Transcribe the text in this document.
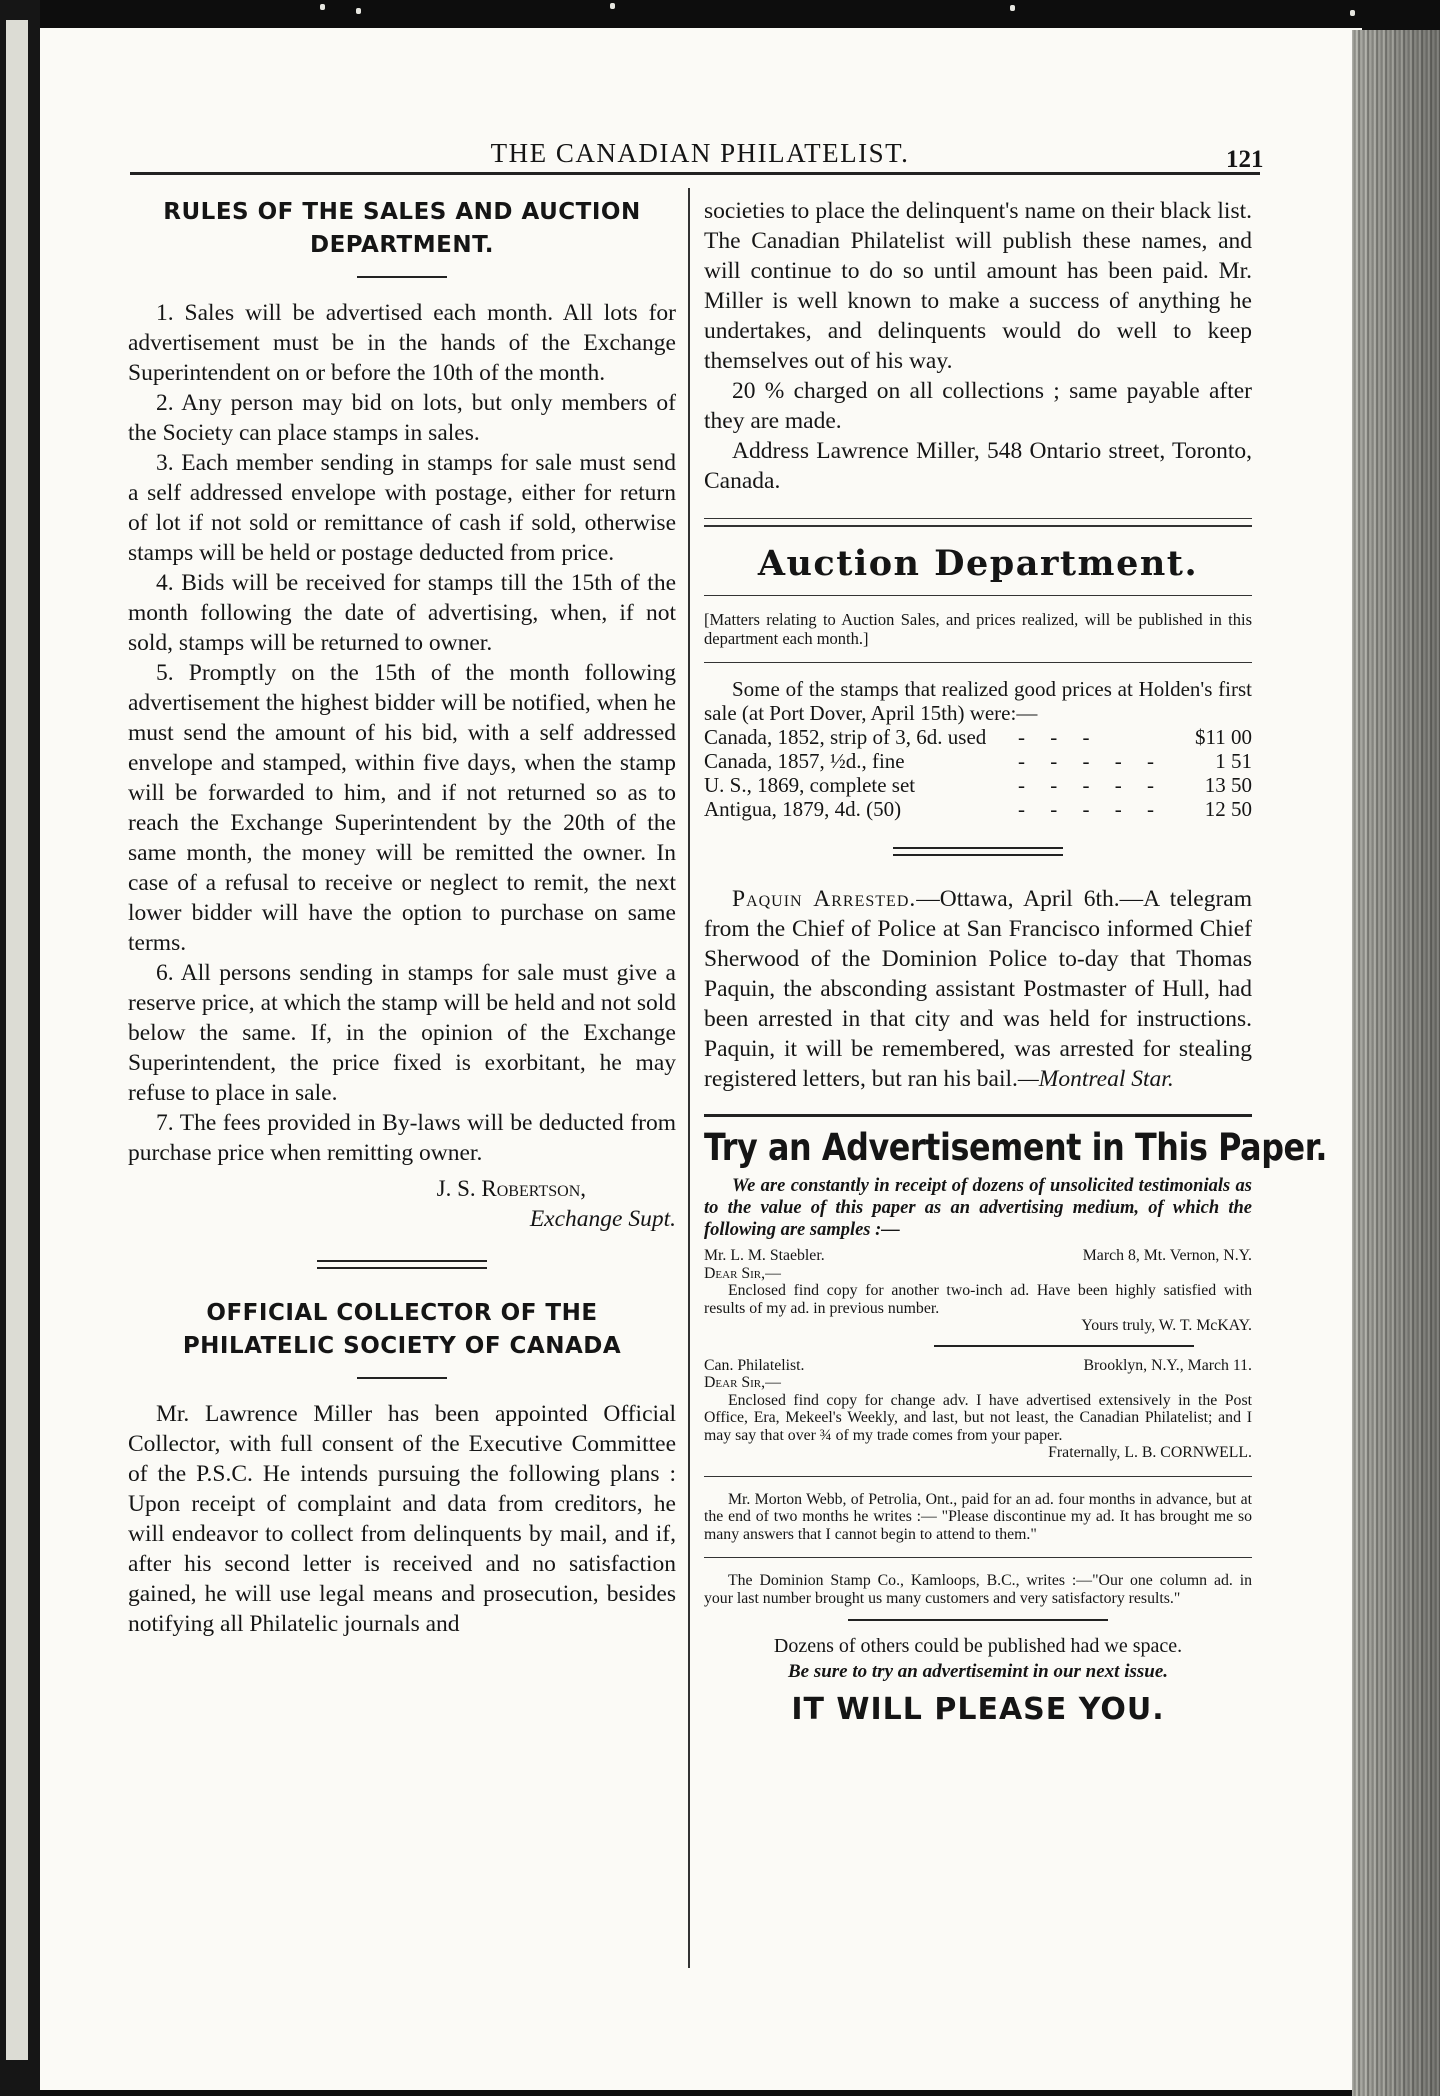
THE CANADIAN PHILATELIST.	121
RULES OF THE SALES AND AUCTION DEPARTMENT.

1. Sales will be advertised each month. All lots for advertisement must be in the hands of the Exchange Superintendent on or before the 10th of the month.

2. Any person may bid on lots, but only members of the Society can place stamps in sales.

3. Each member sending in stamps for sale must send a self addressed envelope with postage, either for return of lot if not sold or remittance of cash if sold, otherwise stamps will be held or postage deducted from price.

4. Bids will be received for stamps till the 15th of the month following the date of advertising, when, if not sold, stamps will be returned to owner.

5. Promptly on the 15th of the month following advertisement the highest bidder will be notified, when he must send the amount of his bid, with a self addressed envelope and stamped, within five days, when the stamp will be forwarded to him, and if not returned so as to reach the Exchange Superintendent by the 20th of the same month, the money will be remitted the owner. In case of a refusal to receive or neglect to remit, the next lower bidder will have the option to purchase on same terms.

6. All persons sending in stamps for sale must give a reserve price, at which the stamp will be held and not sold below the same. If, in the opinion of the Exchange Superintendent, the price fixed is exorbitant, he may refuse to place in sale.

7. The fees provided in By-laws will be deducted from purchase price when remitting owner.

J. S. Robertson,
Exchange Supt.
OFFICIAL COLLECTOR OF THE PHILATELIC SOCIETY OF CANADA

Mr. Lawrence Miller has been appointed Official Collector, with full consent of the Executive Committee of the P.S.C. He intends pursuing the following plans : Upon receipt of complaint and data from creditors, he will endeavor to collect from delinquents by mail, and if, after his second letter is received and no satisfaction gained, he will use legal means and prosecution, besides notifying all Philatelic journals and

societies to place the delinquent's name on their black list. The Canadian Philatelist will publish these names, and will continue to do so until amount has been paid. Mr. Miller is well known to make a success of anything he undertakes, and delinquents would do well to keep themselves out of his way.

20 % charged on all collections ; same payable after they are made.

Address Lawrence Miller, 548 Ontario street, Toronto, Canada.

Auction Department.
[Matters relating to Auction Sales, and prices realized, will be published in this department each month.]

Some of the stamps that realized good prices at Holden's first sale (at Port Dover, April 15th) were:—

Canada, 1852, strip of 3, 6d. used	- - -	$11 00
Canada, 1857, ½d., fine	- - - - -	1 51
U. S., 1869, complete set	- - - - -	13 50
Antigua, 1879, 4d. (50)	- - - - -	12 50

Paquin Arrested.—Ottawa, April 6th.—A telegram from the Chief of Police at San Francisco informed Chief Sherwood of the Dominion Police to-day that Thomas Paquin, the absconding assistant Postmaster of Hull, had been arrested in that city and was held for instructions. Paquin, it will be remembered, was arrested for stealing registered letters, but ran his bail.—Montreal Star.

Try an Advertisement in This Paper.
We are constantly in receipt of dozens of unsolicited testimonials as to the value of this paper as an advertising medium, of which the following are samples :—
Mr. L. M. Staebler.	March 8, Mt. Vernon, N.Y.
Dear Sir,—
Enclosed find copy for another two-inch ad. Have been highly satisfied with results of my ad. in previous number.
Yours truly, W. T. McKAY.
Can. Philatelist.	Brooklyn, N.Y., March 11.
Dear Sir,—
Enclosed find copy for change adv. I have advertised extensively in the Post Office, Era, Mekeel's Weekly, and last, but not least, the Canadian Philatelist; and I may say that over ¾ of my trade comes from your paper.
Fraternally, L. B. CORNWELL.
Mr. Morton Webb, of Petrolia, Ont., paid for an ad. four months in advance, but at the end of two months he writes :— "Please discontinue my ad. It has brought me so many answers that I cannot begin to attend to them."
The Dominion Stamp Co., Kamloops, B.C., writes :—"Our one column ad. in your last number brought us many customers and very satisfactory results."
Dozens of others could be published had we space.
Be sure to try an advertisemint in our next issue.
IT WILL PLEASE YOU.
